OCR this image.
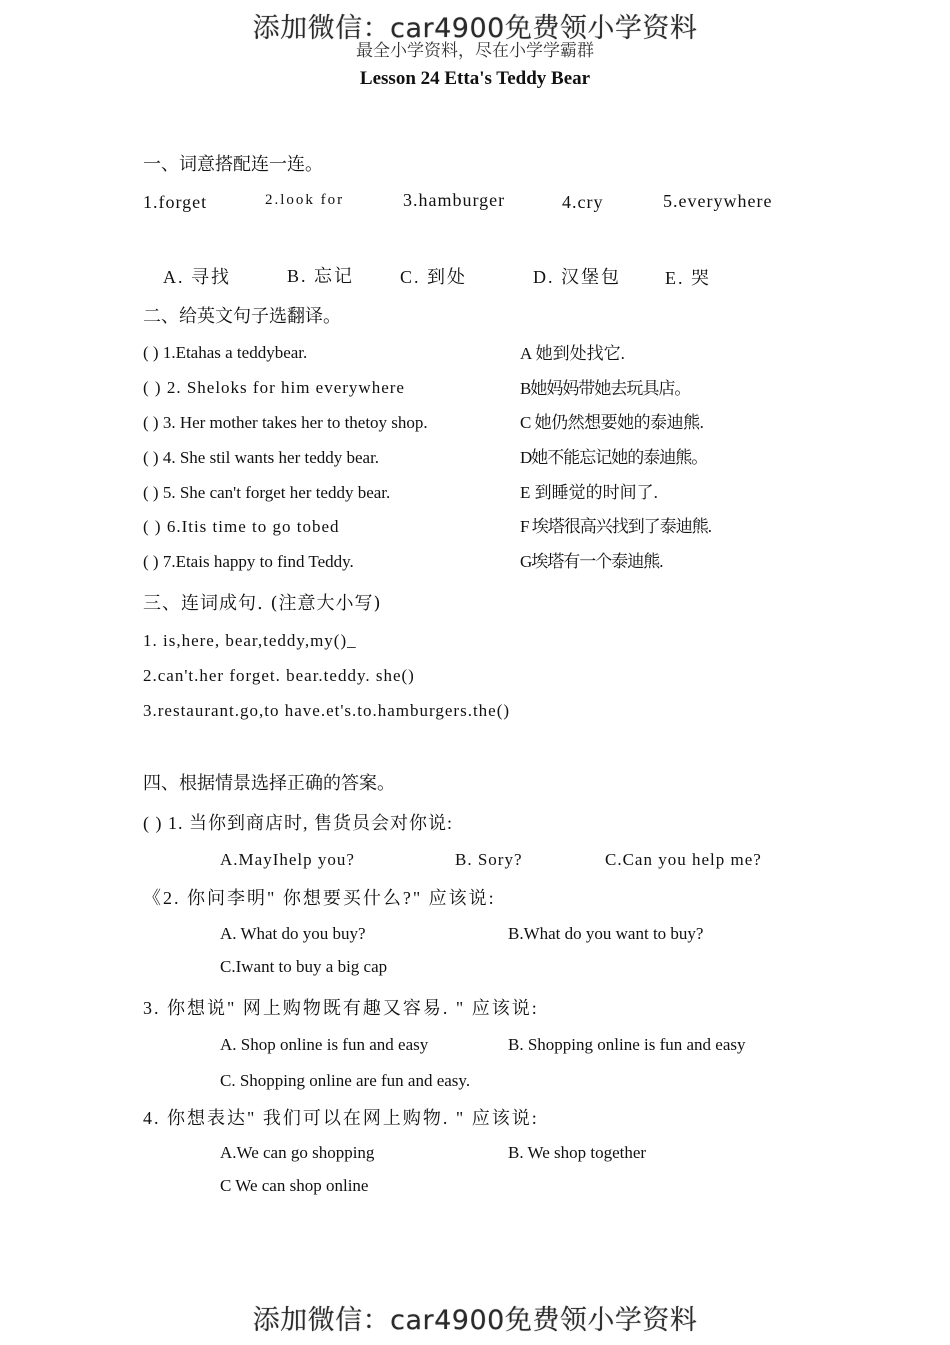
添加微信：car4900免费领小学资料
最全小学资料，尽在小学学霸群
Lesson 24 Etta's Teddy Bear
一、词意搭配连一连。
1.forget	2.look for	3.hamburger	4.cry	5.everywhere
A. 寻找	B. 忘记	C. 到处	D. 汉堡包 E. 哭
二、给英文句子选翻译。
( ) 1.Etahas a teddybear.
( ) 2. Sheloks for him everywhere
( ) 3. Her mother takes her to thetoy shop.
( ) 4. She stil wants her teddy bear.
( ) 5. She can't forget her teddy bear.
( ) 6.Itis time to go tobed
( ) 7.Etais happy to find Teddy.
A 她到处找它.
B她妈妈带她去玩具店。
C 她仍然想要她的泰迪熊.
D她不能忘记她的泰迪熊。
E 到睡觉的时间了.
F 埃塔很高兴找到了泰迪熊.
G埃塔有一个泰迪熊.
三、连词成句. (注意大小写)
1. is,here, bear,teddy,my()_
2.can't.her forget. bear.teddy. she()
3.restaurant.go,to have.et's.to.hamburgers.the()
四、根据情景选择正确的答案。
( ) 1. 当你到商店时, 售货员会对你说:
A.MayIhelp you?	B. Sory?	C.Can you help me?
《2. 你问李明" 你想要买什么?" 应该说:
A. What do you buy?	B.What do you want to buy?
C.Iwant to buy a big cap
3. 你想说" 网上购物既有趣又容易. " 应该说:
A. Shop online is fun and easy	B. Shopping online is fun and easy
C. Shopping online are fun and easy.
4. 你想表达" 我们可以在网上购物. " 应该说:
A.We can go shopping	B. We shop together
C We can shop online
添加微信：car4900免费领小学资料
